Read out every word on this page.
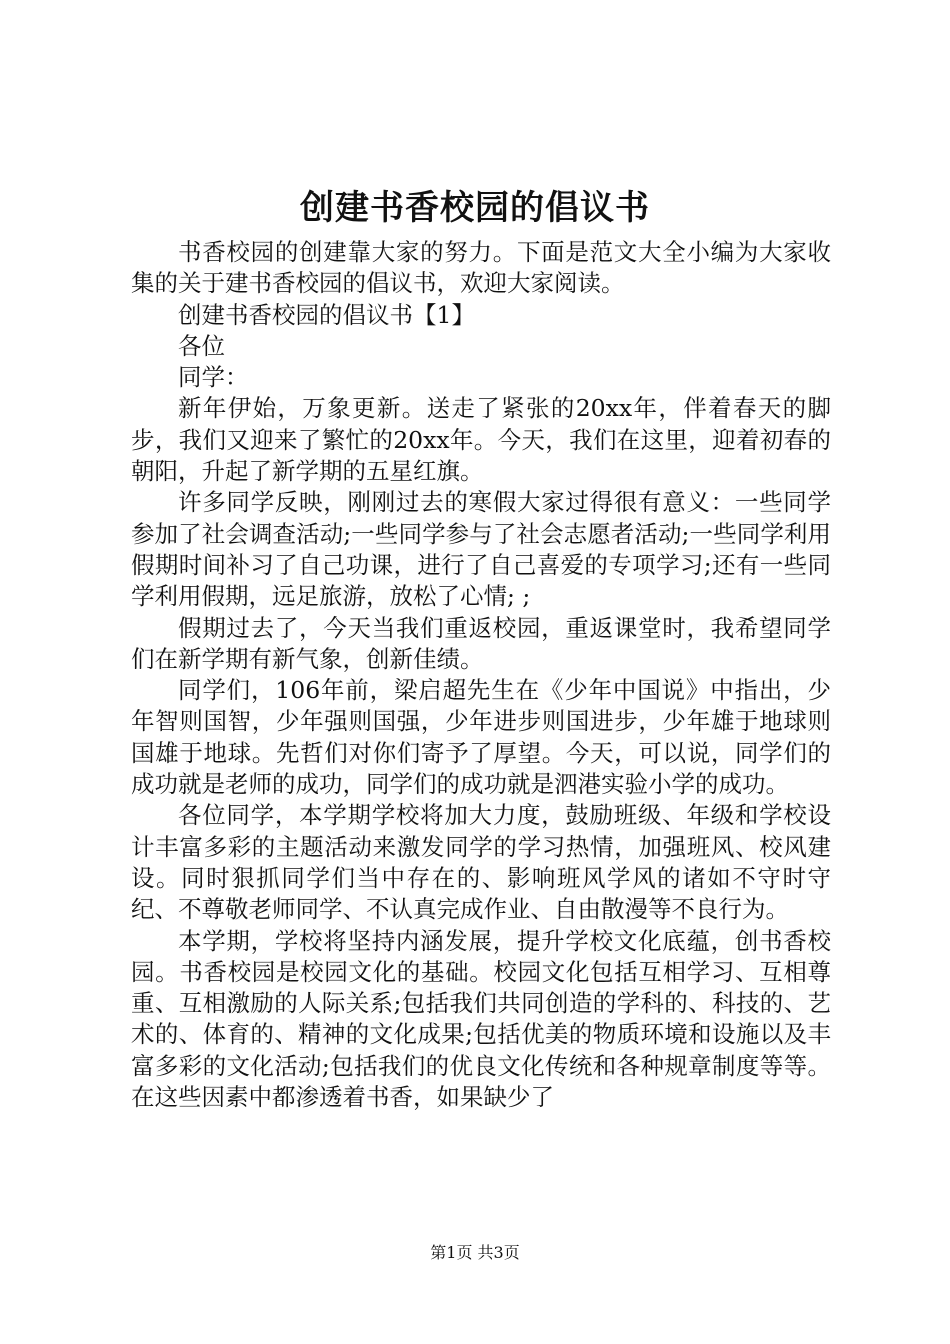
创建书香校园的倡议书

书香校园的创建靠大家的努力。下面是范文大全小编为大家收集的关于建书香校园的倡议书，欢迎大家阅读。

创建书香校园的倡议书【1】

各位

同学：

新年伊始，万象更新。送走了紧张的20xx年，伴着春天的脚步，我们又迎来了繁忙的20xx年。今天，我们在这里，迎着初春的朝阳，升起了新学期的五星红旗。

许多同学反映，刚刚过去的寒假大家过得很有意义：一些同学参加了社会调查活动;一些同学参与了社会志愿者活动;一些同学利用假期时间补习了自己功课，进行了自己喜爱的专项学习;还有一些同学利用假期，远足旅游，放松了心情; ;

假期过去了，今天当我们重返校园，重返课堂时，我希望同学们在新学期有新气象，创新佳绩。

同学们，106年前，梁启超先生在《少年中国说》中指出，少年智则国智，少年强则国强，少年进步则国进步，少年雄于地球则国雄于地球。先哲们对你们寄予了厚望。今天，可以说，同学们的成功就是老师的成功，同学们的成功就是泗港实验小学的成功。

各位同学，本学期学校将加大力度，鼓励班级、年级和学校设计丰富多彩的主题活动来激发同学的学习热情，加强班风、校风建设。同时狠抓同学们当中存在的、影响班风学风的诸如不守时守纪、不尊敬老师同学、不认真完成作业、自由散漫等不良行为。

本学期，学校将坚持内涵发展，提升学校文化底蕴，创书香校园。书香校园是校园文化的基础。校园文化包括互相学习、互相尊重、互相激励的人际关系;包括我们共同创造的学科的、科技的、艺术的、体育的、精神的文化成果;包括优美的物质环境和设施以及丰富多彩的文化活动;包括我们的优良文化传统和各种规章制度等等。在这些因素中都渗透着书香，如果缺少了

第1页 共3页
